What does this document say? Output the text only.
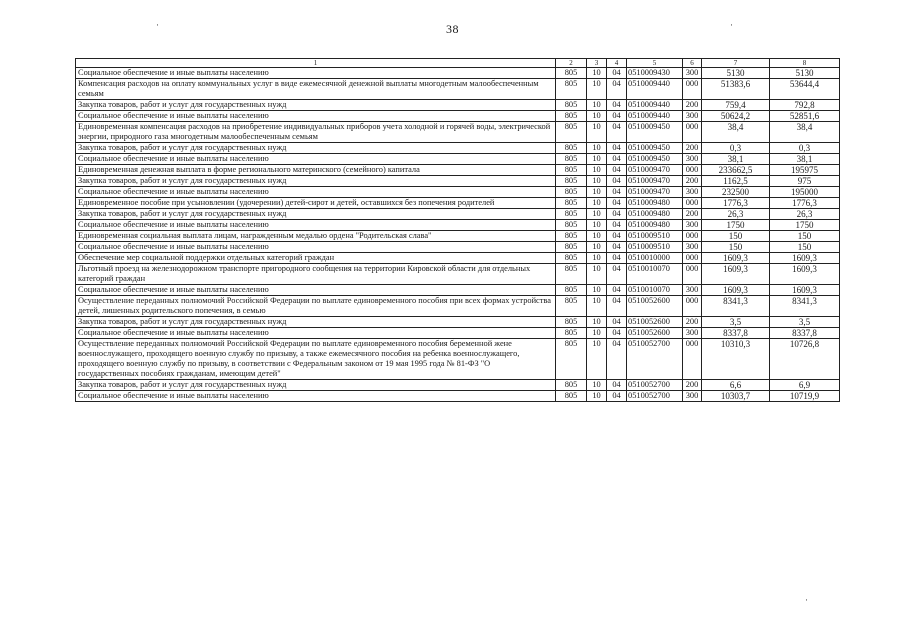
·	·
·
38
1	2	3	4	5	6	7	8
Социальное обеспечение и иные выплаты населению	805	10	04	0510009430	300	5130	5130
Компенсация расходов на оплату коммунальных услуг в виде ежемесячной денежной выплаты многодетным малообеспеченным семьям	805	10	04	0510009440	000	51383,6	53644,4
Закупка товаров, работ и услуг для государственных нужд	805	10	04	0510009440	200	759,4	792,8
Социальное обеспечение и иные выплаты населению	805	10	04	0510009440	300	50624,2	52851,6
Единовременная компенсация расходов на приобретение индивидуальных приборов учета холодной и горячей воды, электрической энергии, природного газа многодетным малообеспеченным семьям	805	10	04	0510009450	000	38,4	38,4
Закупка товаров, работ и услуг для государственных нужд	805	10	04	0510009450	200	0,3	0,3
Социальное обеспечение и иные выплаты населению	805	10	04	0510009450	300	38,1	38,1
Единовременная денежная выплата в форме регионального материнского (семейного) капитала	805	10	04	0510009470	000	233662,5	195975
Закупка товаров, работ и услуг для государственных нужд	805	10	04	0510009470	200	1162,5	975
Социальное обеспечение и иные выплаты населению	805	10	04	0510009470	300	232500	195000
Единовременное пособие при усыновлении (удочерении) детей-сирот и детей, оставшихся без попечения родителей	805	10	04	0510009480	000	1776,3	1776,3
Закупка товаров, работ и услуг для государственных нужд	805	10	04	0510009480	200	26,3	26,3
Социальное обеспечение и иные выплаты населению	805	10	04	0510009480	300	1750	1750
Единовременная социальная выплата лицам, награжденным медалью ордена "Родительская слава"	805	10	04	0510009510	000	150	150
Социальное обеспечение и иные выплаты населению	805	10	04	0510009510	300	150	150
Обеспечение мер социальной поддержки отдельных категорий граждан	805	10	04	0510010000	000	1609,3	1609,3
Льготный проезд на железнодорожном транспорте пригородного сообщения на территории Кировской области для отдельных категорий граждан	805	10	04	0510010070	000	1609,3	1609,3
Социальное обеспечение и иные выплаты населению	805	10	04	0510010070	300	1609,3	1609,3
Осуществление переданных полномочий Российской Федерации по выплате единовременного пособия при всех формах устройства детей, лишенных родительского попечения, в семью	805	10	04	0510052600	000	8341,3	8341,3
Закупка товаров, работ и услуг для государственных нужд	805	10	04	0510052600	200	3,5	3,5
Социальное обеспечение и иные выплаты населению	805	10	04	0510052600	300	8337,8	8337,8
Осуществление переданных полномочий Российской Федерации по выплате единовременного пособия беременной жене военнослужащего, проходящего военную службу по призыву, а также ежемесячного пособия на ребенка военнослужащего, проходящего военную службу по призыву, в соответствии с Федеральным законом от 19 мая 1995 года № 81-ФЗ "О государственных пособиях гражданам, имеющим детей"	805	10	04	0510052700	000	10310,3	10726,8
Закупка товаров, работ и услуг для государственных нужд	805	10	04	0510052700	200	6,6	6,9
Социальное обеспечение и иные выплаты населению	805	10	04	0510052700	300	10303,7	10719,9
